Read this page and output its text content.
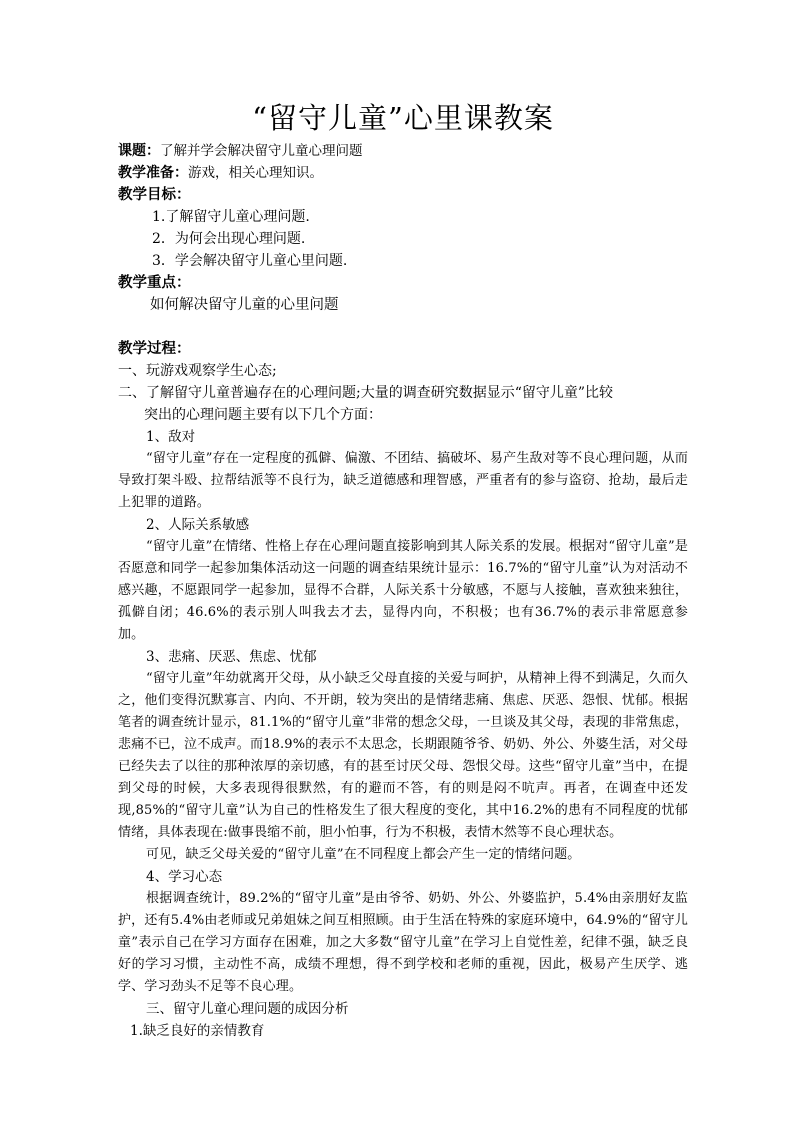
“留守儿童”心里课教案
课题：了解并学会解决留守儿童心理问题
教学准备：游戏，相关心理知识。
教学目标：
1.了解留守儿童心理问题.
2．为何会出现心理问题.
3．学会解决留守儿童心里问题.
教学重点：
如何解决留守儿童的心里问题
教学过程：
一、玩游戏观察学生心态;
二、了解留守儿童普遍存在的心理问题;大量的调查研究数据显示“留守儿童”比较
突出的心理问题主要有以下几个方面：
1、敌对

“留守儿童”存在一定程度的孤僻、偏激、不团结、搞破坏、易产生敌对等不良心理问题，从而导致打架斗殴、拉帮结派等不良行为，缺乏道德感和理智感，严重者有的参与盗窃、抢劫，最后走上犯罪的道路。

2、人际关系敏感

“留守儿童”在情绪、性格上存在心理问题直接影响到其人际关系的发展。根据对“留守儿童”是否愿意和同学一起参加集体活动这一问题的调查结果统计显示：16.7%的“留守儿童”认为对活动不感兴趣，不愿跟同学一起参加，显得不合群，人际关系十分敏感，不愿与人接触，喜欢独来独往，孤僻自闭；46.6%的表示别人叫我去才去，显得内向，不积极；也有36.7%的表示非常愿意参加。

3、悲痛、厌恶、焦虑、忧郁

“留守儿童”年幼就离开父母，从小缺乏父母直接的关爱与呵护，从精神上得不到满足，久而久之，他们变得沉默寡言、内向、不开朗，较为突出的是情绪悲痛、焦虑、厌恶、怨恨、忧郁。根据笔者的调查统计显示，81.1%的“留守儿童”非常的想念父母，一旦谈及其父母，表现的非常焦虑，悲痛不已，泣不成声。而18.9%的表示不太思念，长期跟随爷爷、奶奶、外公、外婆生活，对父母已经失去了以往的那种浓厚的亲切感，有的甚至讨厌父母、怨恨父母。这些“留守儿童”当中，在提到父母的时候，大多表现得很默然，有的避而不答，有的则是闷不吭声。再者，在调查中还发现,85%的“留守儿童”认为自己的性格发生了很大程度的变化，其中16.2%的患有不同程度的忧郁情绪，具体表现在:做事畏缩不前，胆小怕事，行为不积极，表情木然等不良心理状态。

可见，缺乏父母关爱的“留守儿童”在不同程度上都会产生一定的情绪问题。

4、学习心态

根据调查统计，89.2%的“留守儿童”是由爷爷、奶奶、外公、外婆监护，5.4%由亲朋好友监护，还有5.4%由老师或兄弟姐妹之间互相照顾。由于生活在特殊的家庭环境中，64.9%的“留守儿童”表示自己在学习方面存在困难，加之大多数“留守儿童”在学习上自觉性差，纪律不强，缺乏良好的学习习惯，主动性不高，成绩不理想，得不到学校和老师的重视，因此，极易产生厌学、逃学、学习劲头不足等不良心理。

三、留守儿童心理问题的成因分析
1.缺乏良好的亲情教育
